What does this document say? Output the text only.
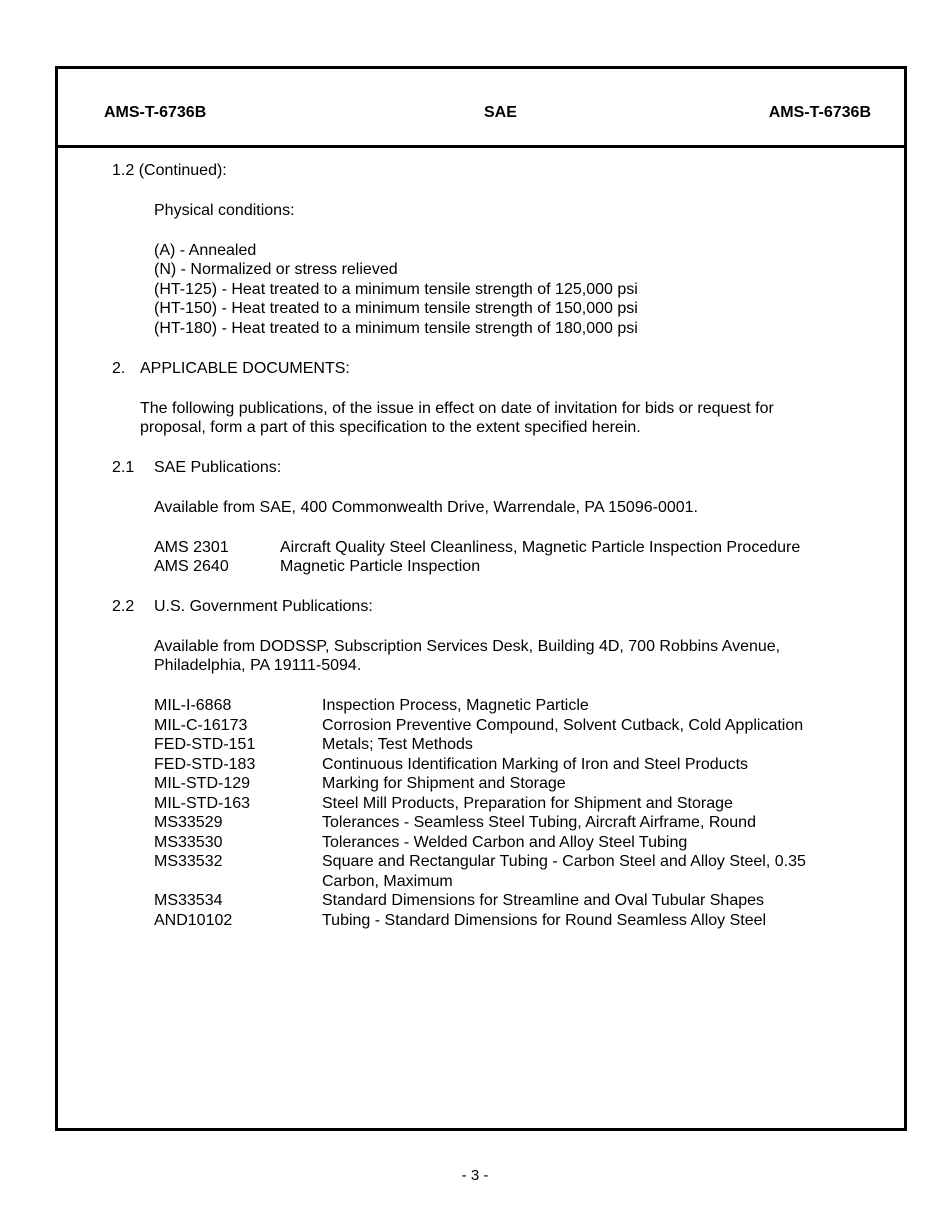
AMS-T-6736B	SAE	AMS-T-6736B
1.2 (Continued):
Physical conditions:
(A) - Annealed
(N) - Normalized or stress relieved
(HT-125) - Heat treated to a minimum tensile strength of 125,000 psi
(HT-150) - Heat treated to a minimum tensile strength of 150,000 psi
(HT-180) - Heat treated to a minimum tensile strength of 180,000 psi
2. APPLICABLE DOCUMENTS:
The following publications, of the issue in effect on date of invitation for bids or request for
proposal, form a part of this specification to the extent specified herein.
2.1 SAE Publications:
Available from SAE, 400 Commonwealth Drive, Warrendale, PA 15096-0001.
AMS 2301	Aircraft Quality Steel Cleanliness, Magnetic Particle Inspection Procedure
AMS 2640	Magnetic Particle Inspection
2.2 U.S. Government Publications:
Available from DODSSP, Subscription Services Desk, Building 4D, 700 Robbins Avenue,
Philadelphia, PA 19111-5094.
MIL-I-6868	Inspection Process, Magnetic Particle
MIL-C-16173	Corrosion Preventive Compound, Solvent Cutback, Cold Application
FED-STD-151	Metals; Test Methods
FED-STD-183	Continuous Identification Marking of Iron and Steel Products
MIL-STD-129	Marking for Shipment and Storage
MIL-STD-163	Steel Mill Products, Preparation for Shipment and Storage
MS33529	Tolerances - Seamless Steel Tubing, Aircraft Airframe, Round
MS33530	Tolerances - Welded Carbon and Alloy Steel Tubing
MS33532	Square and Rectangular Tubing - Carbon Steel and Alloy Steel, 0.35
Carbon, Maximum
MS33534	Standard Dimensions for Streamline and Oval Tubular Shapes
AND10102	Tubing - Standard Dimensions for Round Seamless Alloy Steel
- 3 -
